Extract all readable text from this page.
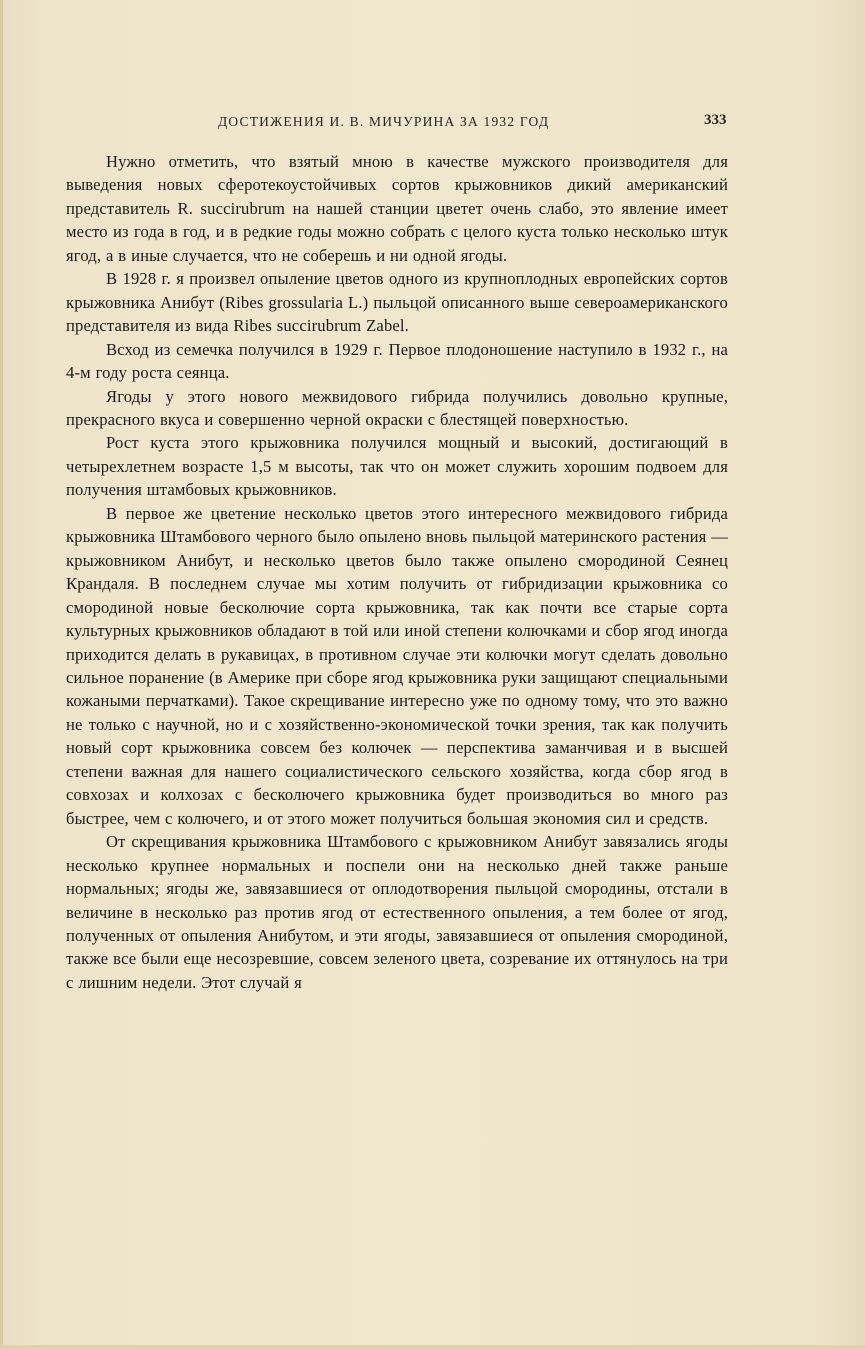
ДОСТИЖЕНИЯ И. В. МИЧУРИНА ЗА 1932 ГОД	333

Нужно отметить, что взятый мною в качестве мужского производителя для выведения новых сферотекоустойчивых сортов крыжовников дикий американский представитель R. succirubrum на нашей станции цветет очень слабо, это явление имеет место из года в год, и в редкие годы можно собрать с целого куста только несколько штук ягод, а в иные случается, что не соберешь и ни одной ягоды.

В 1928 г. я произвел опыление цветов одного из крупноплодных европейских сортов крыжовника Анибут (Ribes grossularia L.) пыльцой описанного выше североамериканского представителя из вида Ribes succirubrum Zabel.

Всход из семечка получился в 1929 г. Первое плодоношение наступило в 1932 г., на 4-м году роста сеянца.

Ягоды у этого нового межвидового гибрида получились довольно крупные, прекрасного вкуса и совершенно черной окраски с блестящей поверхностью.

Рост куста этого крыжовника получился мощный и высокий, достигающий в четырехлетнем возрасте 1,5 м высоты, так что он может служить хорошим подвоем для получения штамбовых крыжовников.

В первое же цветение несколько цветов этого интересного межвидового гибрида крыжовника Штамбового черного было опылено вновь пыльцой материнского растения — крыжовником Анибут, и несколько цветов было также опылено смородиной Сеянец Крандаля. В последнем случае мы хотим получить от гибридизации крыжовника со смородиной новые бесколючие сорта крыжовника, так как почти все старые сорта культурных крыжовников обладают в той или иной степени колючками и сбор ягод иногда приходится делать в рукавицах, в противном случае эти колючки могут сделать довольно сильное поранение (в Америке при сборе ягод крыжовника руки защищают специальными кожаными перчатками). Такое скрещивание интересно уже по одному тому, что это важно не только с научной, но и с хозяйственно-экономической точки зрения, так как получить новый сорт крыжовника совсем без колючек — перспектива заманчивая и в высшей степени важная для нашего социалистического сельского хозяйства, когда сбор ягод в совхозах и колхозах с бесколючего крыжовника будет производиться во много раз быстрее, чем с колючего, и от этого может получиться большая экономия сил и средств.

От скрещивания крыжовника Штамбового с крыжовником Анибут завязались ягоды несколько крупнее нормальных и поспели они на несколько дней также раньше нормальных; ягоды же, завязавшиеся от оплодотворения пыльцой смородины, отстали в величине в несколько раз против ягод от естественного опыления, а тем более от ягод, полученных от опыления Анибутом, и эти ягоды, завязавшиеся от опыления смородиной, также все были еще несозревшие, совсем зеленого цвета, созревание их оттянулось на три с лишним недели. Этот случай я
